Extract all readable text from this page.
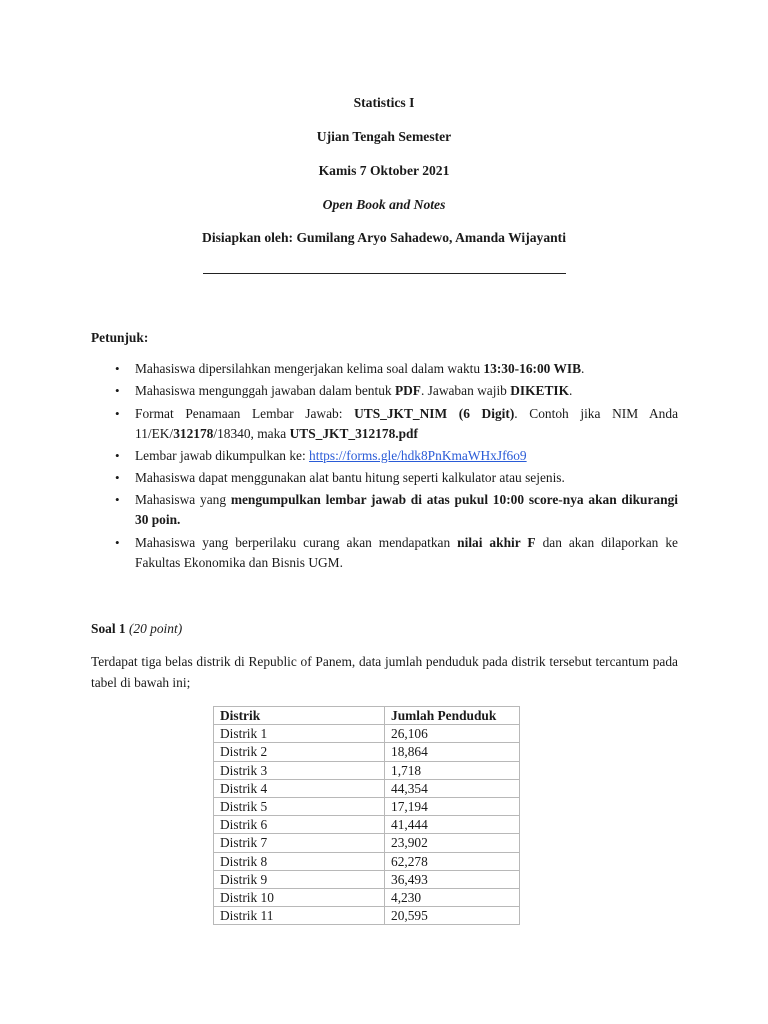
Statistics I
Ujian Tengah Semester
Kamis 7 Oktober 2021
Open Book and Notes
Disiapkan oleh: Gumilang Aryo Sahadewo, Amanda Wijayanti
Petunjuk:
• Mahasiswa dipersilahkan mengerjakan kelima soal dalam waktu 13:30-16:00 WIB.
• Mahasiswa mengunggah jawaban dalam bentuk PDF. Jawaban wajib DIKETIK.
• Format Penamaan Lembar Jawab: UTS_JKT_NIM (6 Digit). Contoh jika NIM Anda 11/EK/312178/18340, maka UTS_JKT_312178.pdf
• Lembar jawab dikumpulkan ke: https://forms.gle/hdk8PnKmaWHxJf6o9
• Mahasiswa dapat menggunakan alat bantu hitung seperti kalkulator atau sejenis.
• Mahasiswa yang mengumpulkan lembar jawab di atas pukul 10:00 score-nya akan dikurangi 30 poin.
• Mahasiswa yang berperilaku curang akan mendapatkan nilai akhir F dan akan dilaporkan ke Fakultas Ekonomika dan Bisnis UGM.
Soal 1 (20 point)
Terdapat tiga belas distrik di Republic of Panem, data jumlah penduduk pada distrik tersebut tercantum pada tabel di bawah ini;
Distrik	Jumlah Penduduk
Distrik 1	26,106
Distrik 2	18,864
Distrik 3	1,718
Distrik 4	44,354
Distrik 5	17,194
Distrik 6	41,444
Distrik 7	23,902
Distrik 8	62,278
Distrik 9	36,493
Distrik 10	4,230
Distrik 11	20,595
